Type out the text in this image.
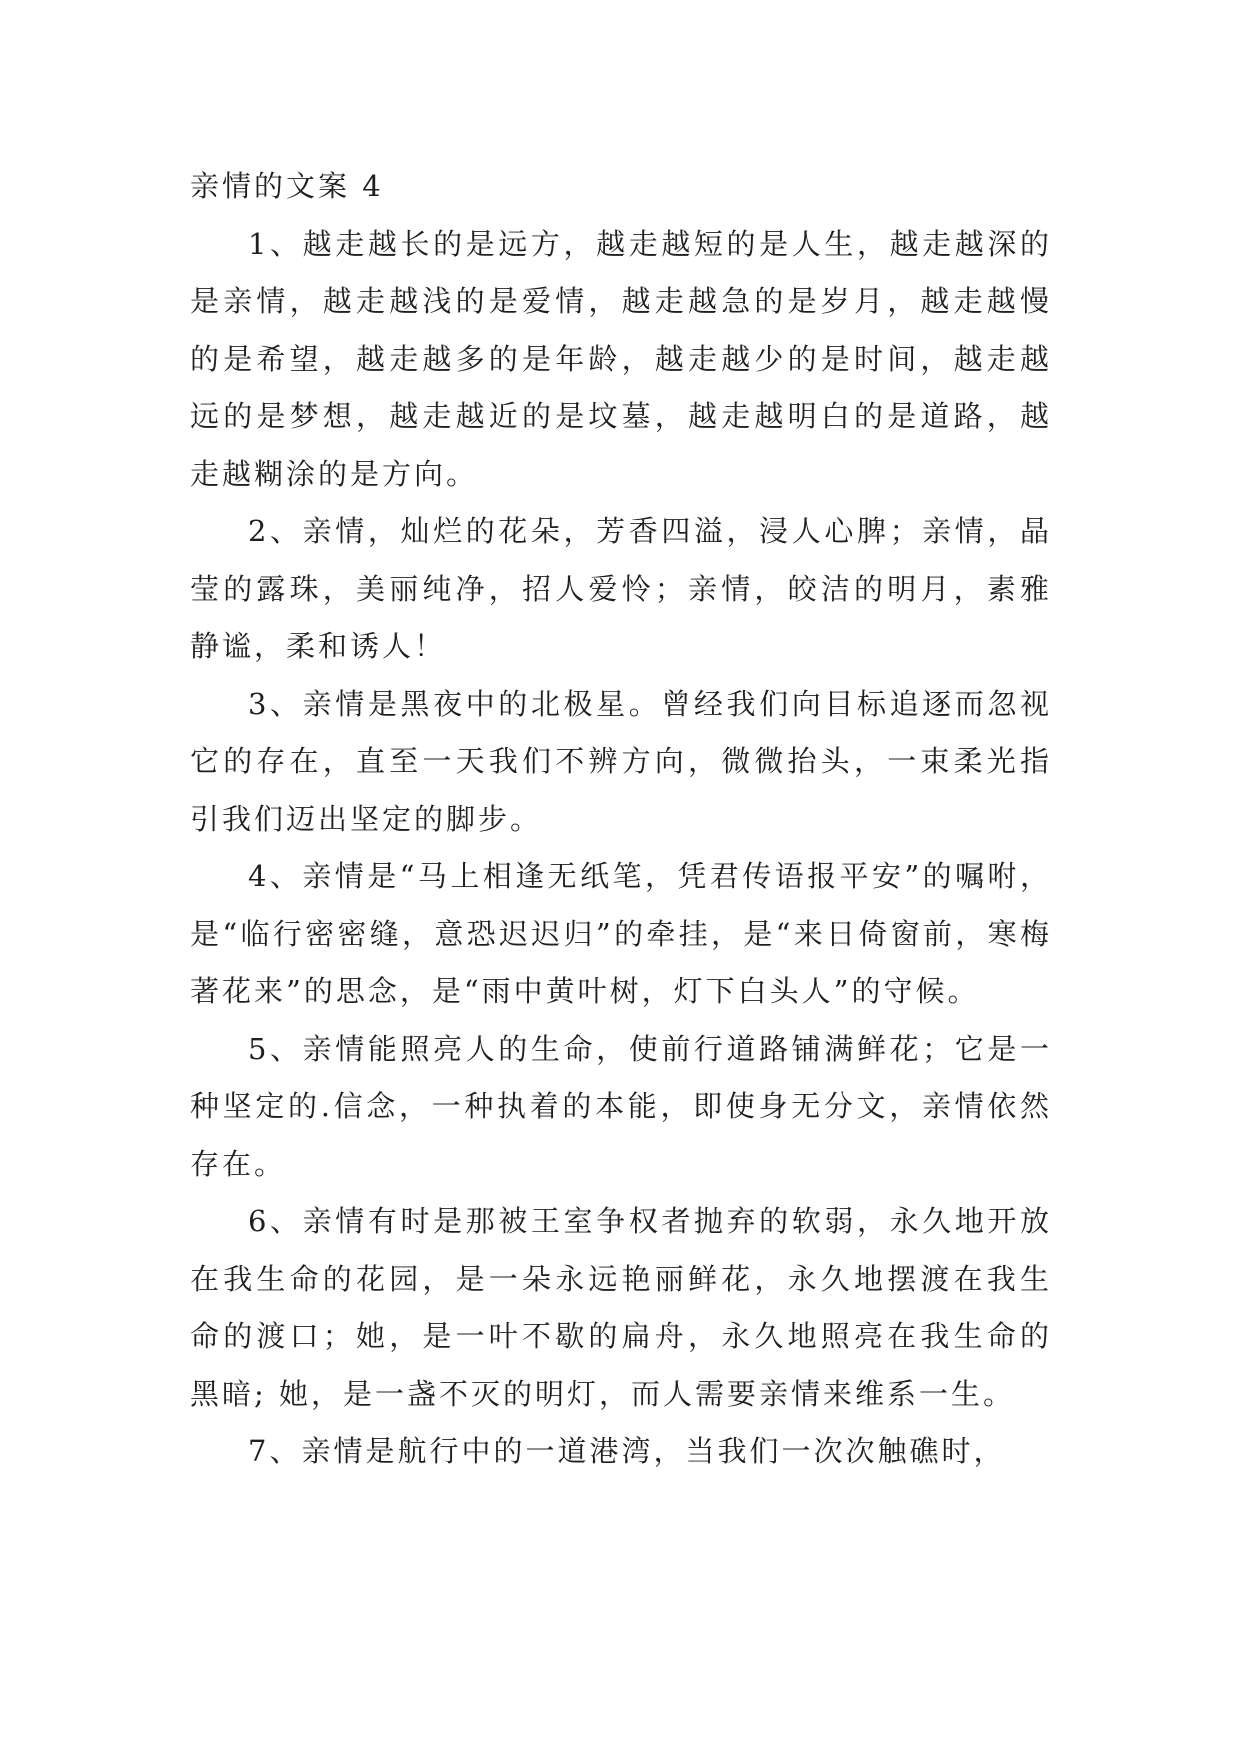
亲情的文案 4

1、越走越长的是远方，越走越短的是人生，越走越深的是亲情，越走越浅的是爱情，越走越急的是岁月，越走越慢的是希望，越走越多的是年龄，越走越少的是时间，越走越远的是梦想，越走越近的是坟墓，越走越明白的是道路，越走越糊涂的是方向。

2、亲情，灿烂的花朵，芳香四溢，浸人心脾；亲情，晶莹的露珠，美丽纯净，招人爱怜；亲情，皎洁的明月，素雅静谧，柔和诱人！

3、亲情是黑夜中的北极星。曾经我们向目标追逐而忽视它的存在，直至一天我们不辨方向，微微抬头，一束柔光指引我们迈出坚定的脚步。

4、亲情是“马上相逢无纸笔，凭君传语报平安”的嘱咐，是“临行密密缝，意恐迟迟归”的牵挂，是“来日倚窗前，寒梅著花来”的思念，是“雨中黄叶树，灯下白头人”的守候。

5、亲情能照亮人的生命，使前行道路铺满鲜花；它是一种坚定的.信念，一种执着的本能，即使身无分文，亲情依然存在。

6、亲情有时是那被王室争权者抛弃的软弱，永久地开放在我生命的花园，是一朵永远艳丽鲜花，永久地摆渡在我生命的渡口；她，是一叶不歇的扁舟，永久地照亮在我生命的黑暗; 她，是一盏不灭的明灯，而人需要亲情来维系一生。

7、亲情是航行中的一道港湾，当我们一次次触礁时，
